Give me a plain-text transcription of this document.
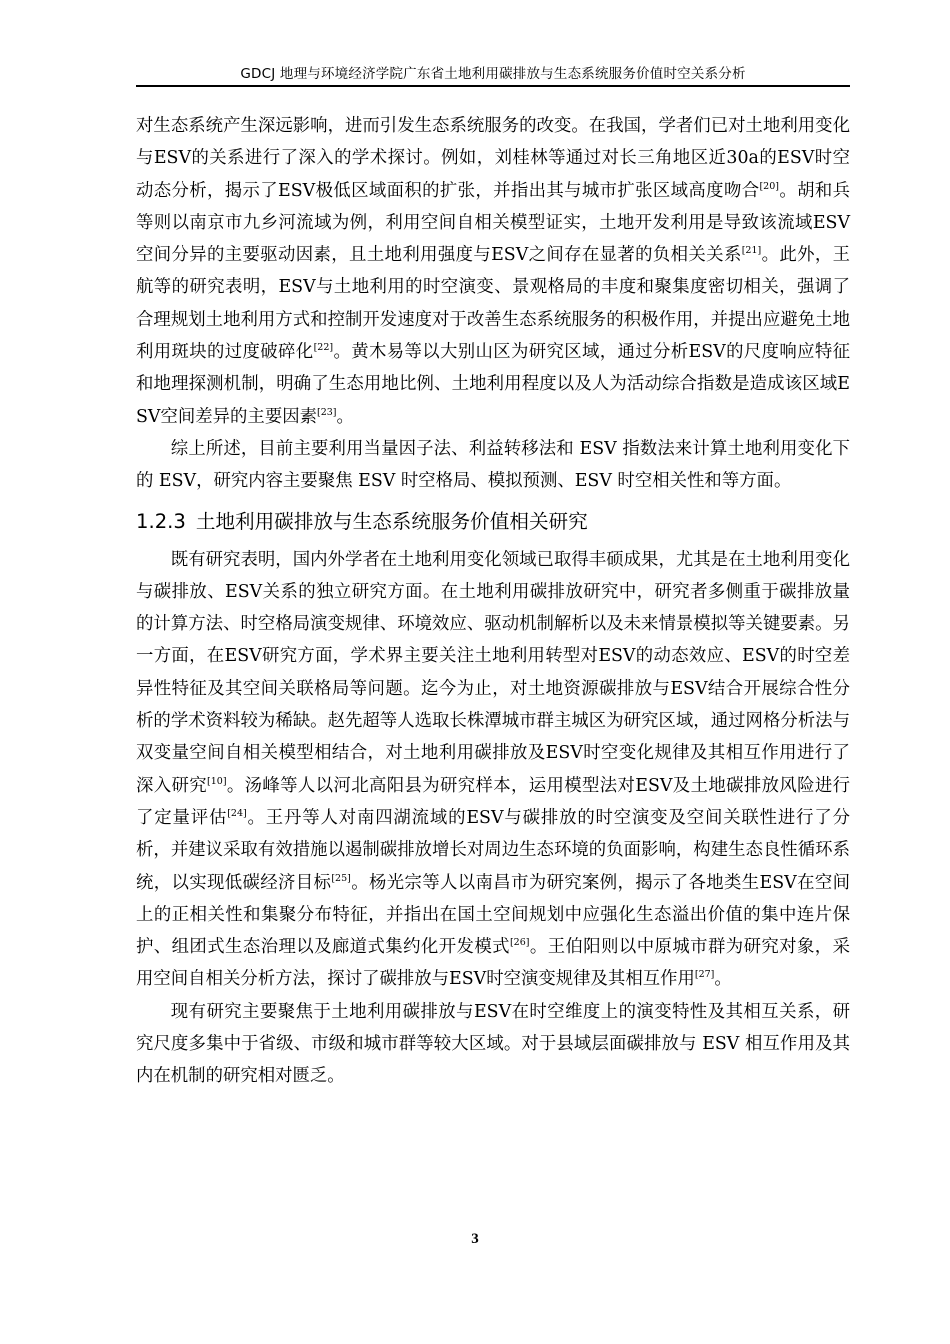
GDCJ 地理与环境经济学院广东省土地利用碳排放与生态系统服务价值时空关系分析

对生态系统产生深远影响，进而引发生态系统服务的改变。在我国，学者们已对土地利用变化与ESV的关系进行了深入的学术探讨。例如，刘桂林等通过对长三角地区近30a的ESV时空动态分析，揭示了ESV极低区域面积的扩张，并指出其与城市扩张区域高度吻合[20]。胡和兵等则以南京市九乡河流域为例，利用空间自相关模型证实，土地开发利用是导致该流域ESV空间分异的主要驱动因素，且土地利用强度与ESV之间存在显著的负相关关系[21]。此外，王航等的研究表明，ESV与土地利用的时空演变、景观格局的丰度和聚集度密切相关，强调了合理规划土地利用方式和控制开发速度对于改善生态系统服务的积极作用，并提出应避免土地利用斑块的过度破碎化[22]。黄木易等以大别山区为研究区域，通过分析ESV的尺度响应特征和地理探测机制，明确了生态用地比例、土地利用程度以及人为活动综合指数是造成该区域ESV空间差异的主要因素[23]。

综上所述，目前主要利用当量因子法、利益转移法和 ESV 指数法来计算土地利用变化下的 ESV，研究内容主要聚焦 ESV 时空格局、模拟预测、ESV 时空相关性和等方面。

1.2.3 土地利用碳排放与生态系统服务价值相关研究

既有研究表明，国内外学者在土地利用变化领域已取得丰硕成果，尤其是在土地利用变化与碳排放、ESV关系的独立研究方面。在土地利用碳排放研究中，研究者多侧重于碳排放量的计算方法、时空格局演变规律、环境效应、驱动机制解析以及未来情景模拟等关键要素。另一方面，在ESV研究方面，学术界主要关注土地利用转型对ESV的动态效应、ESV的时空差异性特征及其空间关联格局等问题。迄今为止，对土地资源碳排放与ESV结合开展综合性分析的学术资料较为稀缺。赵先超等人选取长株潭城市群主城区为研究区域，通过网格分析法与双变量空间自相关模型相结合，对土地利用碳排放及ESV时空变化规律及其相互作用进行了深入研究[10]。汤峰等人以河北高阳县为研究样本，运用模型法对ESV及土地碳排放风险进行了定量评估[24]。王丹等人对南四湖流域的ESV与碳排放的时空演变及空间关联性进行了分析，并建议采取有效措施以遏制碳排放增长对周边生态环境的负面影响，构建生态良性循环系统，以实现低碳经济目标[25]。杨光宗等人以南昌市为研究案例，揭示了各地类生ESV在空间上的正相关性和集聚分布特征，并指出在国土空间规划中应强化生态溢出价值的集中连片保护、组团式生态治理以及廊道式集约化开发模式[26]。王伯阳则以中原城市群为研究对象，采用空间自相关分析方法，探讨了碳排放与ESV时空演变规律及其相互作用[27]。

现有研究主要聚焦于土地利用碳排放与ESV在时空维度上的演变特性及其相互关系，研究尺度多集中于省级、市级和城市群等较大区域。对于县域层面碳排放与 ESV 相互作用及其内在机制的研究相对匮乏。

3
